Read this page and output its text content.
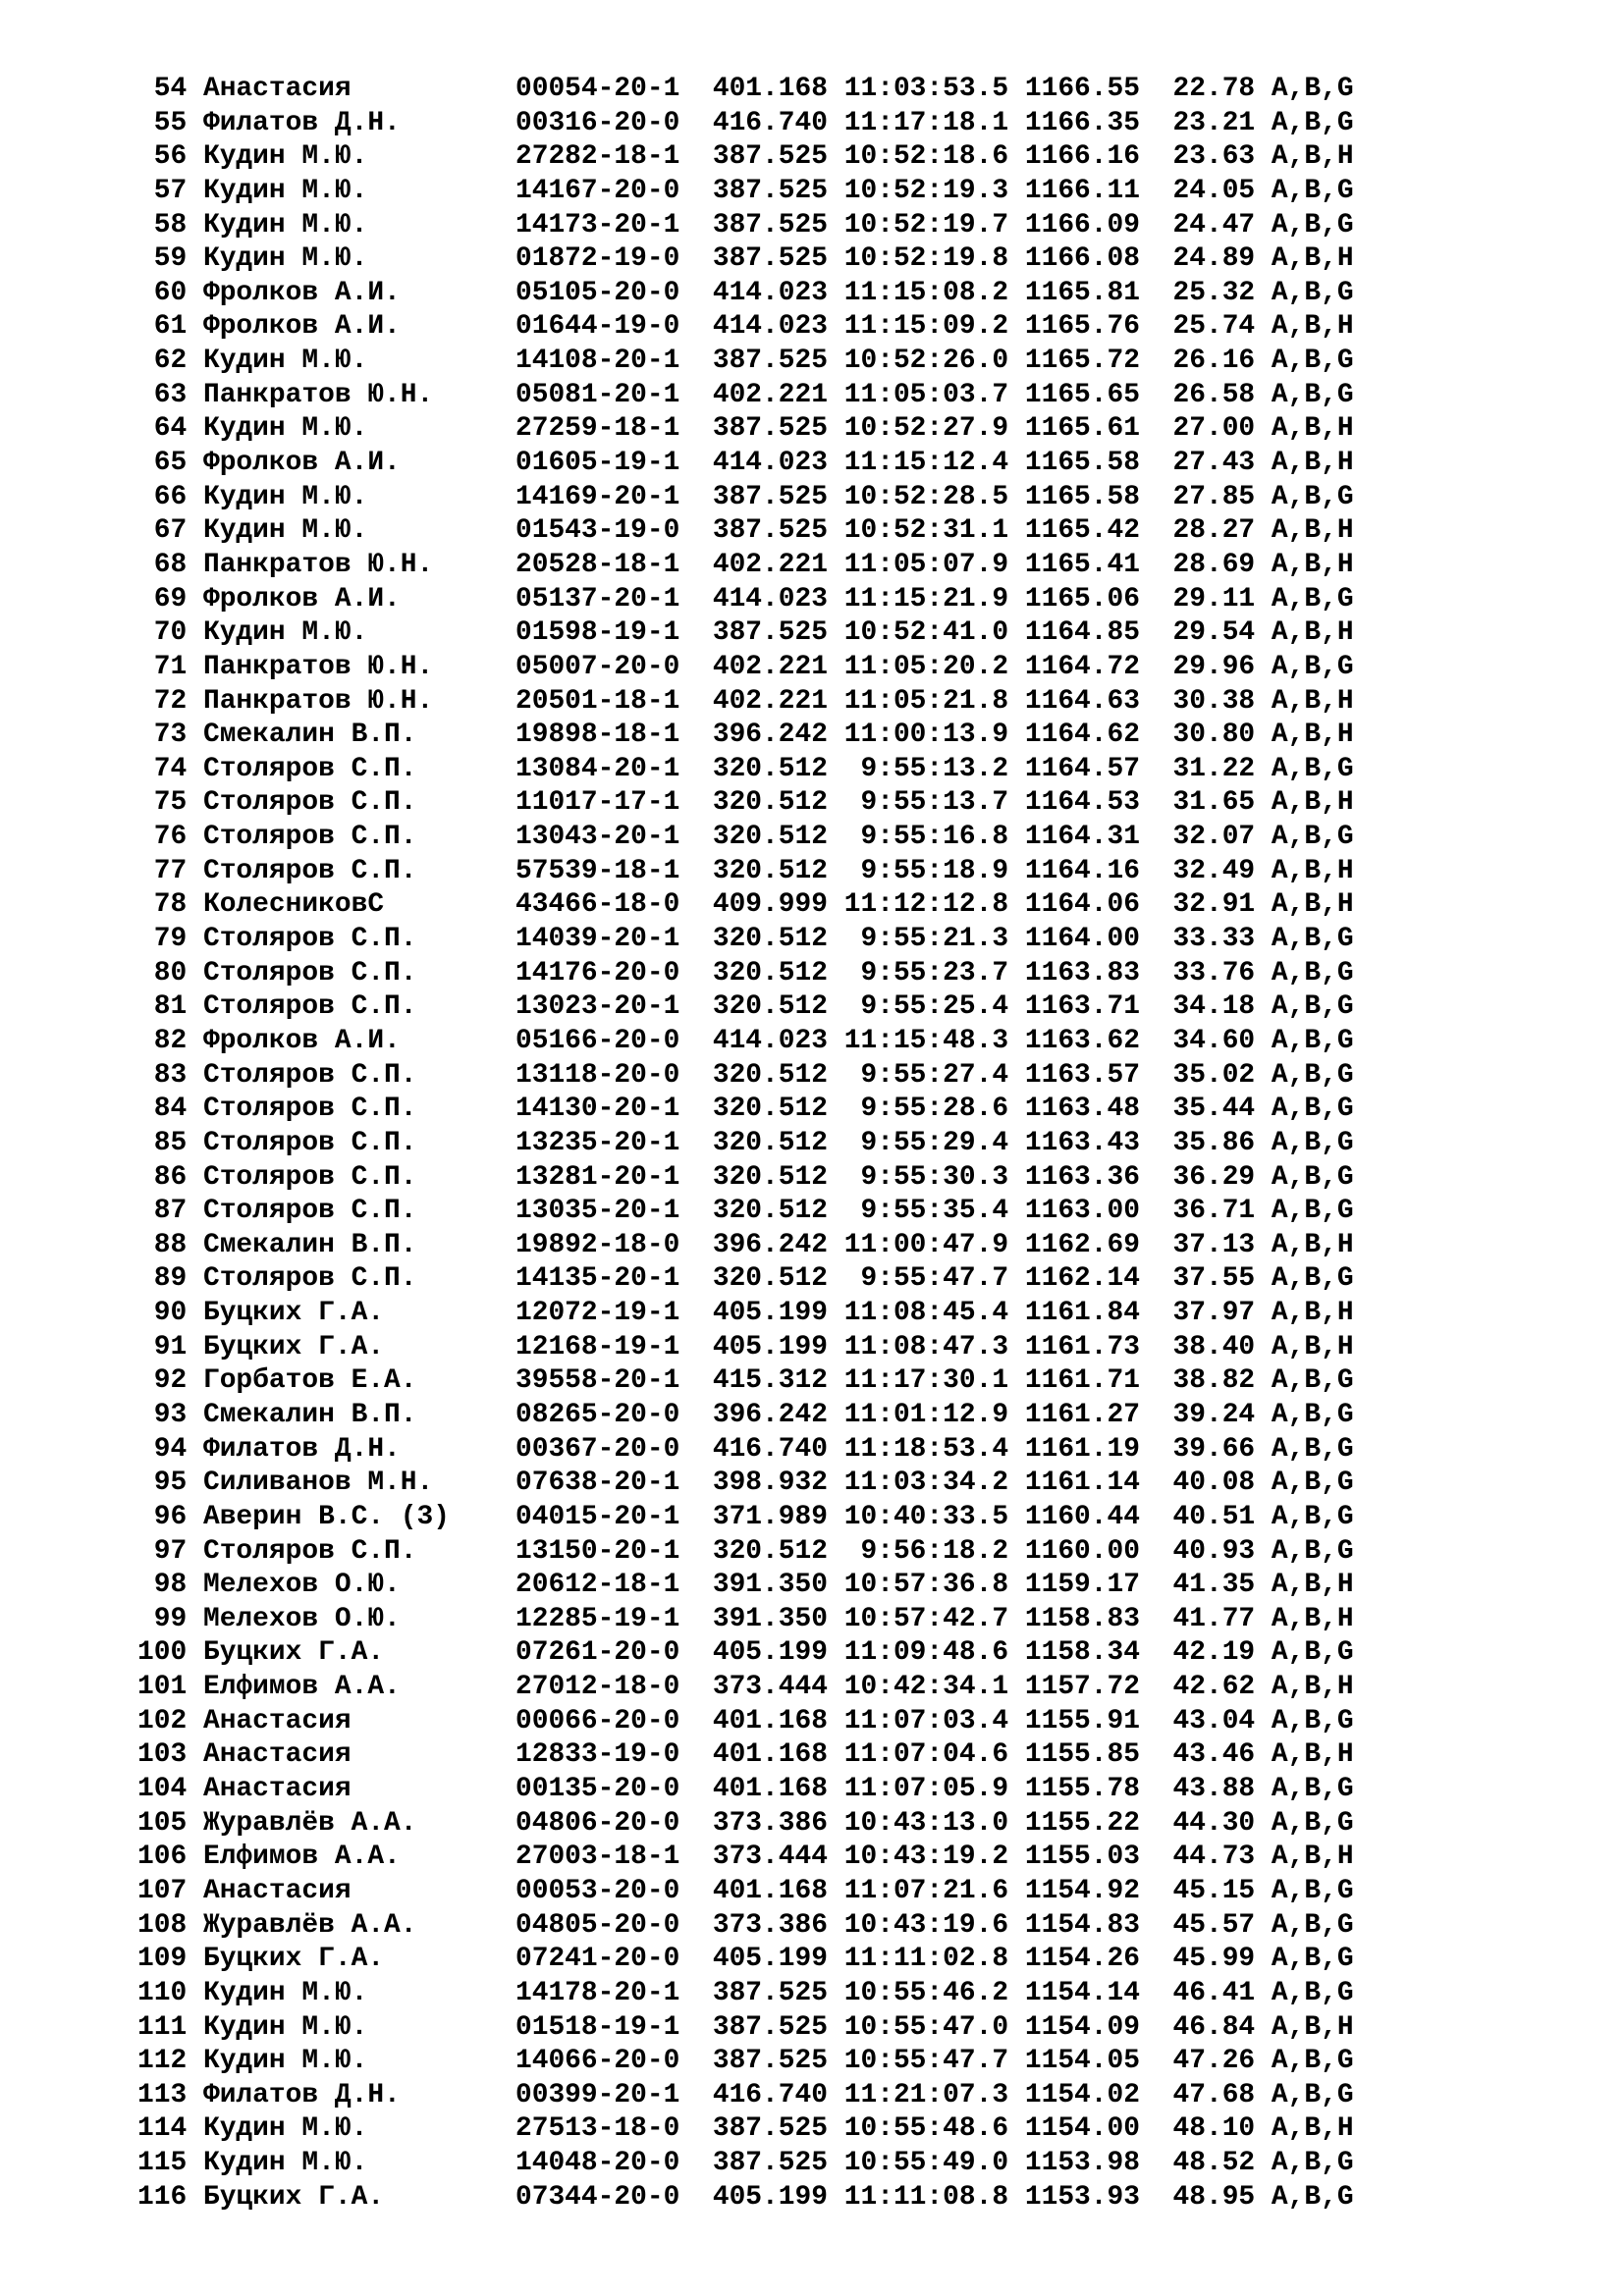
54 Анастасия          00054-20-1  401.168 11:03:53.5 1166.55  22.78 A,B,G
55 Филатов Д.Н.       00316-20-0  416.740 11:17:18.1 1166.35  23.21 A,B,G
56 Кудин М.Ю.         27282-18-1  387.525 10:52:18.6 1166.16  23.63 A,B,H
57 Кудин М.Ю.         14167-20-0  387.525 10:52:19.3 1166.11  24.05 A,B,G
58 Кудин М.Ю.         14173-20-1  387.525 10:52:19.7 1166.09  24.47 A,B,G
59 Кудин М.Ю.         01872-19-0  387.525 10:52:19.8 1166.08  24.89 A,B,H
60 Фролков А.И.       05105-20-0  414.023 11:15:08.2 1165.81  25.32 A,B,G
61 Фролков А.И.       01644-19-0  414.023 11:15:09.2 1165.76  25.74 A,B,H
62 Кудин М.Ю.         14108-20-1  387.525 10:52:26.0 1165.72  26.16 A,B,G
63 Панкратов Ю.Н.     05081-20-1  402.221 11:05:03.7 1165.65  26.58 A,B,G
64 Кудин М.Ю.         27259-18-1  387.525 10:52:27.9 1165.61  27.00 A,B,H
65 Фролков А.И.       01605-19-1  414.023 11:15:12.4 1165.58  27.43 A,B,H
66 Кудин М.Ю.         14169-20-1  387.525 10:52:28.5 1165.58  27.85 A,B,G
67 Кудин М.Ю.         01543-19-0  387.525 10:52:31.1 1165.42  28.27 A,B,H
68 Панкратов Ю.Н.     20528-18-1  402.221 11:05:07.9 1165.41  28.69 A,B,H
69 Фролков А.И.       05137-20-1  414.023 11:15:21.9 1165.06  29.11 A,B,G
70 Кудин М.Ю.         01598-19-1  387.525 10:52:41.0 1164.85  29.54 A,B,H
71 Панкратов Ю.Н.     05007-20-0  402.221 11:05:20.2 1164.72  29.96 A,B,G
72 Панкратов Ю.Н.     20501-18-1  402.221 11:05:21.8 1164.63  30.38 A,B,H
73 Смекалин В.П.      19898-18-1  396.242 11:00:13.9 1164.62  30.80 A,B,H
74 Столяров С.П.      13084-20-1  320.512  9:55:13.2 1164.57  31.22 A,B,G
75 Столяров С.П.      11017-17-1  320.512  9:55:13.7 1164.53  31.65 A,B,H
76 Столяров С.П.      13043-20-1  320.512  9:55:16.8 1164.31  32.07 A,B,G
77 Столяров С.П.      57539-18-1  320.512  9:55:18.9 1164.16  32.49 A,B,H
78 КолесниковС        43466-18-0  409.999 11:12:12.8 1164.06  32.91 A,B,H
79 Столяров С.П.      14039-20-1  320.512  9:55:21.3 1164.00  33.33 A,B,G
80 Столяров С.П.      14176-20-0  320.512  9:55:23.7 1163.83  33.76 A,B,G
81 Столяров С.П.      13023-20-1  320.512  9:55:25.4 1163.71  34.18 A,B,G
82 Фролков А.И.       05166-20-0  414.023 11:15:48.3 1163.62  34.60 A,B,G
83 Столяров С.П.      13118-20-0  320.512  9:55:27.4 1163.57  35.02 A,B,G
84 Столяров С.П.      14130-20-1  320.512  9:55:28.6 1163.48  35.44 A,B,G
85 Столяров С.П.      13235-20-1  320.512  9:55:29.4 1163.43  35.86 A,B,G
86 Столяров С.П.      13281-20-1  320.512  9:55:30.3 1163.36  36.29 A,B,G
87 Столяров С.П.      13035-20-1  320.512  9:55:35.4 1163.00  36.71 A,B,G
88 Смекалин В.П.      19892-18-0  396.242 11:00:47.9 1162.69  37.13 A,B,H
89 Столяров С.П.      14135-20-1  320.512  9:55:47.7 1162.14  37.55 A,B,G
90 Буцких Г.А.        12072-19-1  405.199 11:08:45.4 1161.84  37.97 A,B,H
91 Буцких Г.А.        12168-19-1  405.199 11:08:47.3 1161.73  38.40 A,B,H
92 Горбатов Е.А.      39558-20-1  415.312 11:17:30.1 1161.71  38.82 A,B,G
93 Смекалин В.П.      08265-20-0  396.242 11:01:12.9 1161.27  39.24 A,B,G
94 Филатов Д.Н.       00367-20-0  416.740 11:18:53.4 1161.19  39.66 A,B,G
95 Силиванов М.Н.     07638-20-1  398.932 11:03:34.2 1161.14  40.08 A,B,G
96 Аверин В.С. (3)    04015-20-1  371.989 10:40:33.5 1160.44  40.51 A,B,G
97 Столяров С.П.      13150-20-1  320.512  9:56:18.2 1160.00  40.93 A,B,G
98 Мелехов О.Ю.       20612-18-1  391.350 10:57:36.8 1159.17  41.35 A,B,H
99 Мелехов О.Ю.       12285-19-1  391.350 10:57:42.7 1158.83  41.77 A,B,H
100 Буцких Г.А.        07261-20-0  405.199 11:09:48.6 1158.34  42.19 A,B,G
101 Елфимов А.А.       27012-18-0  373.444 10:42:34.1 1157.72  42.62 A,B,H
102 Анастасия          00066-20-0  401.168 11:07:03.4 1155.91  43.04 A,B,G
103 Анастасия          12833-19-0  401.168 11:07:04.6 1155.85  43.46 A,B,H
104 Анастасия          00135-20-0  401.168 11:07:05.9 1155.78  43.88 A,B,G
105 Журавлёв А.А.      04806-20-0  373.386 10:43:13.0 1155.22  44.30 A,B,G
106 Елфимов А.А.       27003-18-1  373.444 10:43:19.2 1155.03  44.73 A,B,H
107 Анастасия          00053-20-0  401.168 11:07:21.6 1154.92  45.15 A,B,G
108 Журавлёв А.А.      04805-20-0  373.386 10:43:19.6 1154.83  45.57 A,B,G
109 Буцких Г.А.        07241-20-0  405.199 11:11:02.8 1154.26  45.99 A,B,G
110 Кудин М.Ю.         14178-20-1  387.525 10:55:46.2 1154.14  46.41 A,B,G
111 Кудин М.Ю.         01518-19-1  387.525 10:55:47.0 1154.09  46.84 A,B,H
112 Кудин М.Ю.         14066-20-0  387.525 10:55:47.7 1154.05  47.26 A,B,G
113 Филатов Д.Н.       00399-20-1  416.740 11:21:07.3 1154.02  47.68 A,B,G
114 Кудин М.Ю.         27513-18-0  387.525 10:55:48.6 1154.00  48.10 A,B,H
115 Кудин М.Ю.         14048-20-0  387.525 10:55:49.0 1153.98  48.52 A,B,G
116 Буцких Г.А.        07344-20-0  405.199 11:11:08.8 1153.93  48.95 A,B,G
